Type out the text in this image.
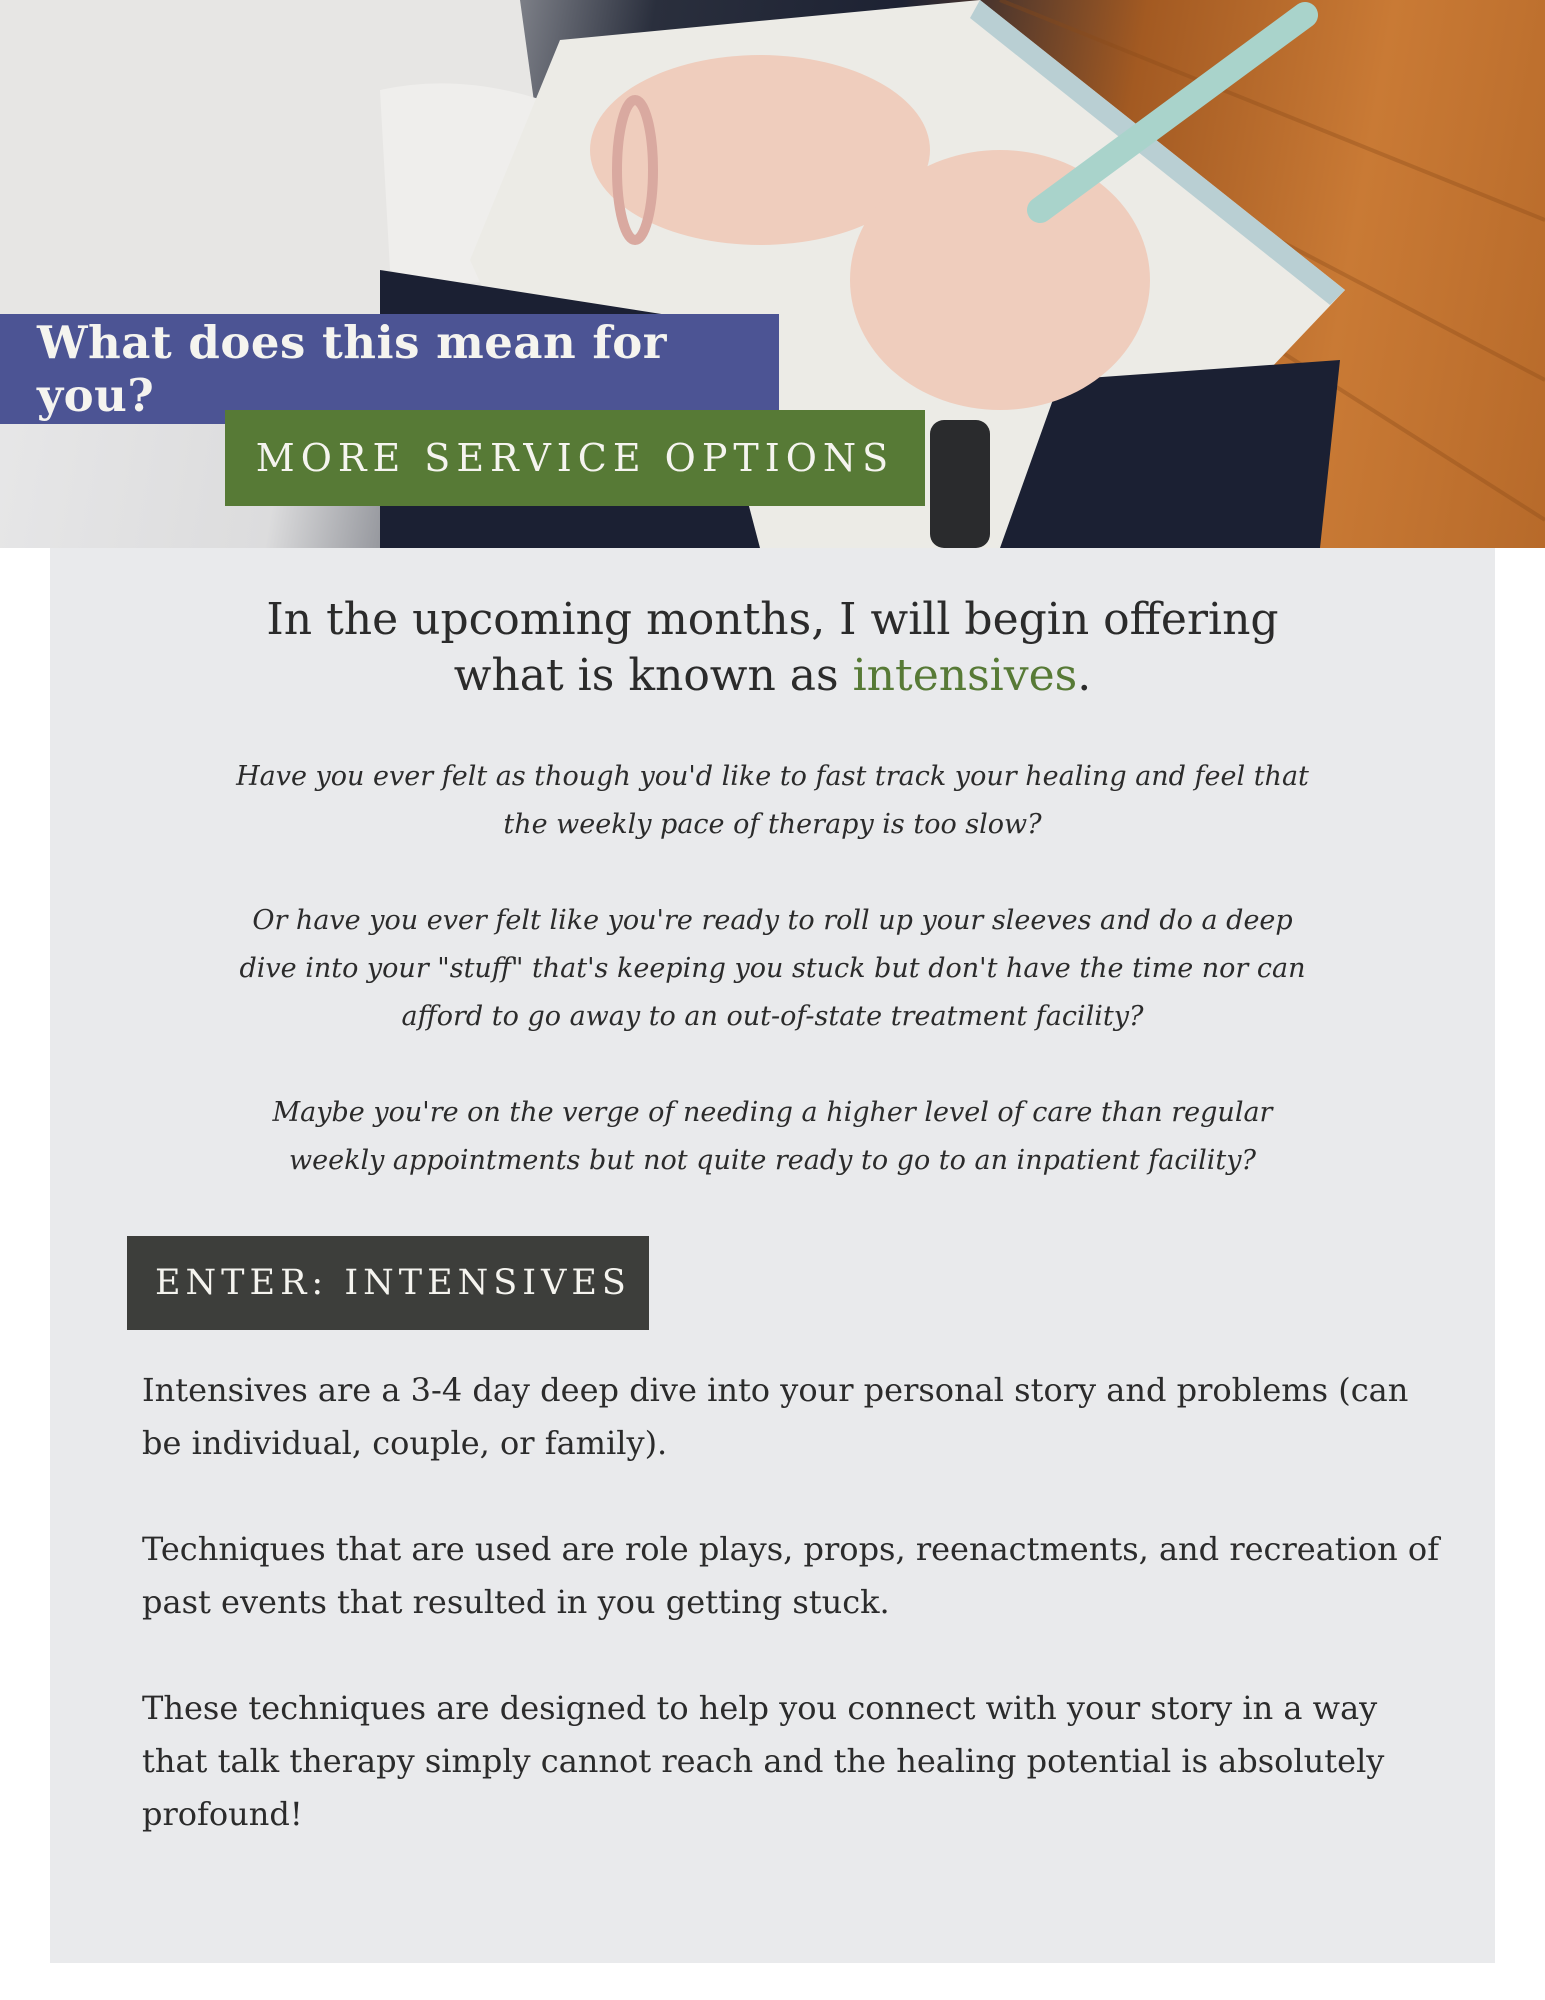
What does this mean for you?
MORE SERVICE OPTIONS
In the upcoming months, I will begin offering
what is known as intensives.

Have you ever felt as though you'd like to fast track your healing and feel that the weekly pace of therapy is too slow?

Or have you ever felt like you're ready to roll up your sleeves and do a deep dive into your "stuff" that's keeping you stuck but don't have the time nor can afford to go away to an out-of-state treatment facility?

Maybe you're on the verge of needing a higher level of care than regular weekly appointments but not quite ready to go to an inpatient facility?

ENTER: INTENSIVES

Intensives are a 3-4 day deep dive into your personal story and problems (can be individual, couple, or family).

Techniques that are used are role plays, props, reenactments, and recreation of past events that resulted in you getting stuck.

These techniques are designed to help you connect with your story in a way that talk therapy simply cannot reach and the healing potential is absolutely profound!
